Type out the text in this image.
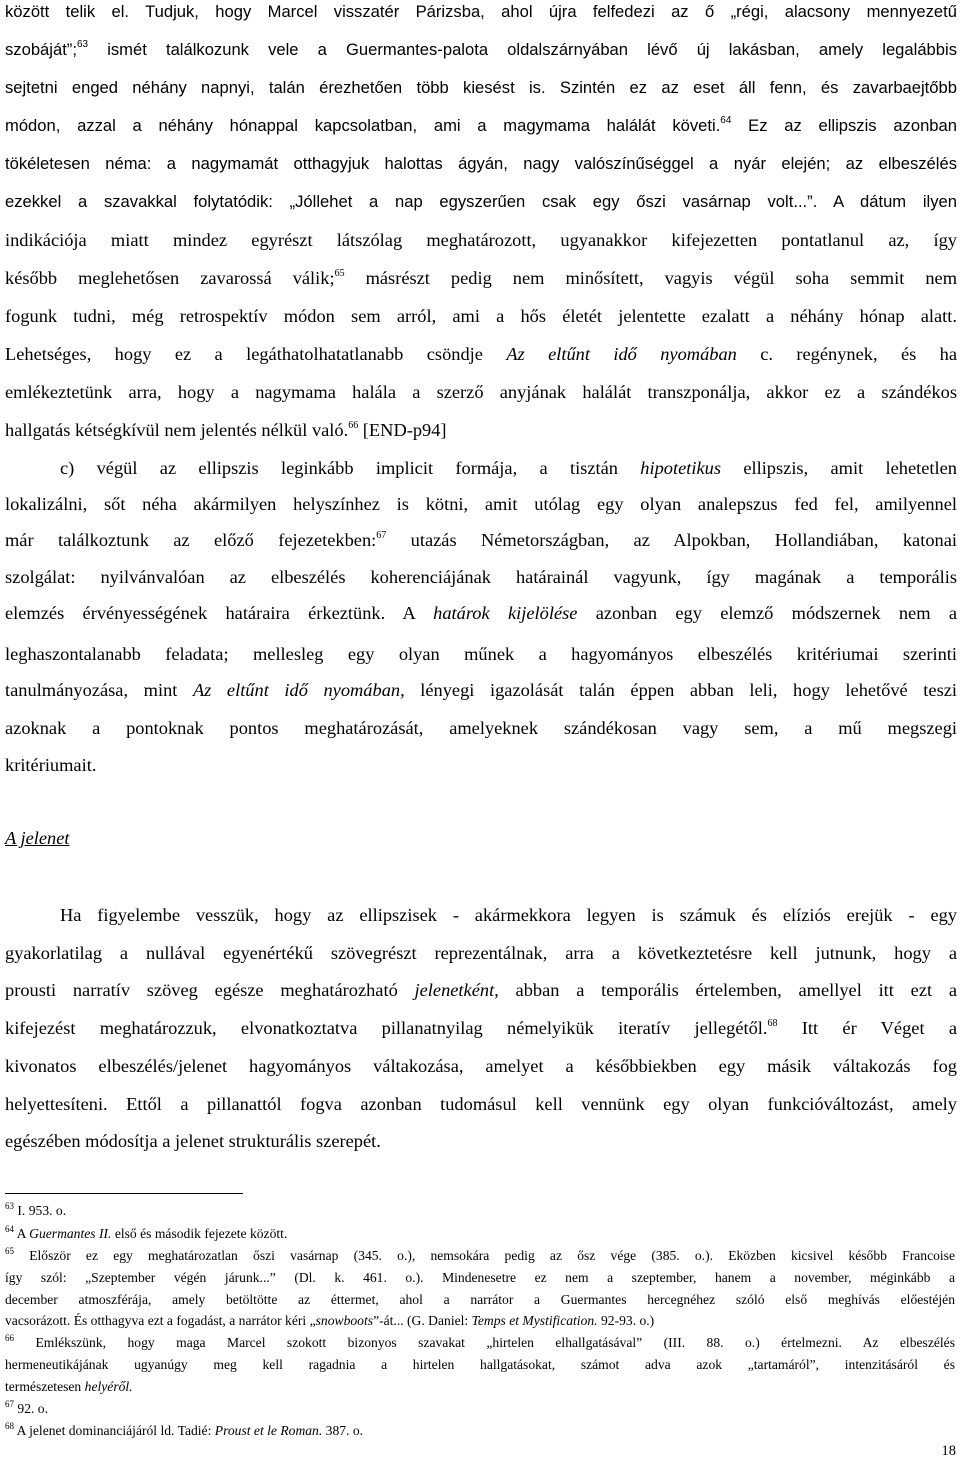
között telik el. Tudjuk, hogy Marcel visszatér Párizsba, ahol újra felfedezi az ő „régi, alacsony mennyezetű
szobáját”;$^{63}$ ismét találkozunk vele a Guermantes-palota oldalszárnyában lévő új lakásban, amely legalábbis
sejtetni enged néhány napnyi, talán érezhetően több kiesést is. Szintén ez az eset áll fenn, és zavarbaejtőbb
módon, azzal a néhány hónappal kapcsolatban, ami a magymama halálát követi.$^{64}$ Ez az ellipszis azonban
tökéletesen néma: a nagymamát otthagyjuk halottas ágyán, nagy valószínűséggel a nyár elején; az elbeszélés
ezekkel a szavakkal folytatódik: „Jóllehet a nap egyszerűen csak egy őszi vasárnap volt...”. A dátum ilyen
indikációja miatt mindez egyrészt látszólag meghatározott, ugyanakkor kifejezetten pontatlanul az, így
később meglehetősen zavarossá válik;$^{65}$ másrészt pedig nem minősített, vagyis végül soha semmit nem
fogunk tudni, még retrospektív módon sem arról, ami a hős életét jelentette ezalatt a néhány hónap alatt.
Lehetséges, hogy ez a legáthatolhatatlanabb csöndje Az eltűnt idő nyomában c. regénynek, és ha
emlékeztetünk arra, hogy a nagymama halála a szerző anyjának halálát transzponálja, akkor ez a szándékos
hallgatás kétségkívül nem jelentés nélkül való.$^{66}$ [END-p94]
c) végül az ellipszis leginkább implicit formája, a tisztán hipotetikus ellipszis, amit lehetetlen
lokalizálni, sőt néha akármilyen helyszínhez is kötni, amit utólag egy olyan analepszus fed fel, amilyennel
már találkoztunk az előző fejezetekben:$^{67}$ utazás Németországban, az Alpokban, Hollandiában, katonai
szolgálat: nyilvánvalóan az elbeszélés koherenciájának határainál vagyunk, így magának a temporális
elemzés érvényességének határaira érkeztünk. A határok kijelölése azonban egy elemző módszernek nem a
leghaszontalanabb feladata; mellesleg egy olyan műnek a hagyományos elbeszélés kritériumai szerinti
tanulmányozása, mint Az eltűnt idő nyomában, lényegi igazolását talán éppen abban leli, hogy lehetővé teszi
azoknak a pontoknak pontos meghatározását, amelyeknek szándékosan vagy sem, a mű megszegi
kritériumait.
A jelenet
Ha figyelembe vesszük, hogy az ellipszisek - akármekkora legyen is számuk és elíziós erejük - egy
gyakorlatilag a nullával egyenértékű szövegrészt reprezentálnak, arra a következtetésre kell jutnunk, hogy a
prousti narratív szöveg egésze meghatározható jelenetként, abban a temporális értelemben, amellyel itt ezt a
kifejezést meghatározzuk, elvonatkoztatva pillanatnyilag némelyikük iteratív jellegétől.$^{68}$ Itt ér Véget a
kivonatos elbeszélés/jelenet hagyományos váltakozása, amelyet a későbbiekben egy másik váltakozás fog
helyettesíteni. Ettől a pillanattól fogva azonban tudomásul kell vennünk egy olyan funkcióváltozást, amely
egészében módosítja a jelenet strukturális szerepét.
$^{63}$ I. 953. o.
$^{64}$ A Guermantes II. első és második fejezete között.
$^{65}$ Először ez egy meghatározatlan őszi vasárnap (345. o.), nemsokára pedig az ősz vége (385. o.). Eközben kicsivel később Francoise
így szól: „Szeptember végén járunk...” (Dl. k. 461. o.). Mindenesetre ez nem a szeptember, hanem a november, méginkább a
december atmoszférája, amely betöltötte az éttermet, ahol a narrátor a Guermantes hercegnéhez szóló első meghívás előestéjén
vacsorázott. És otthagyva ezt a fogadást, a narrátor kéri „snowboots”-át... (G. Daniel: Temps et Mystification. 92-93. o.)
$^{66}$ Emlékszünk, hogy maga Marcel szokott bizonyos szavakat „hirtelen elhallgatásával” (III. 88. o.) értelmezni. Az elbeszélés
hermeneutikájának ugyanúgy meg kell ragadnia a hirtelen hallgatásokat, számot adva azok „tartamáról”, intenzitásáról és
természetesen helyéről.
$^{67}$ 92. o.
$^{68}$ A jelenet dominanciájáról ld. Tadié: Proust et le Roman. 387. o.
18
